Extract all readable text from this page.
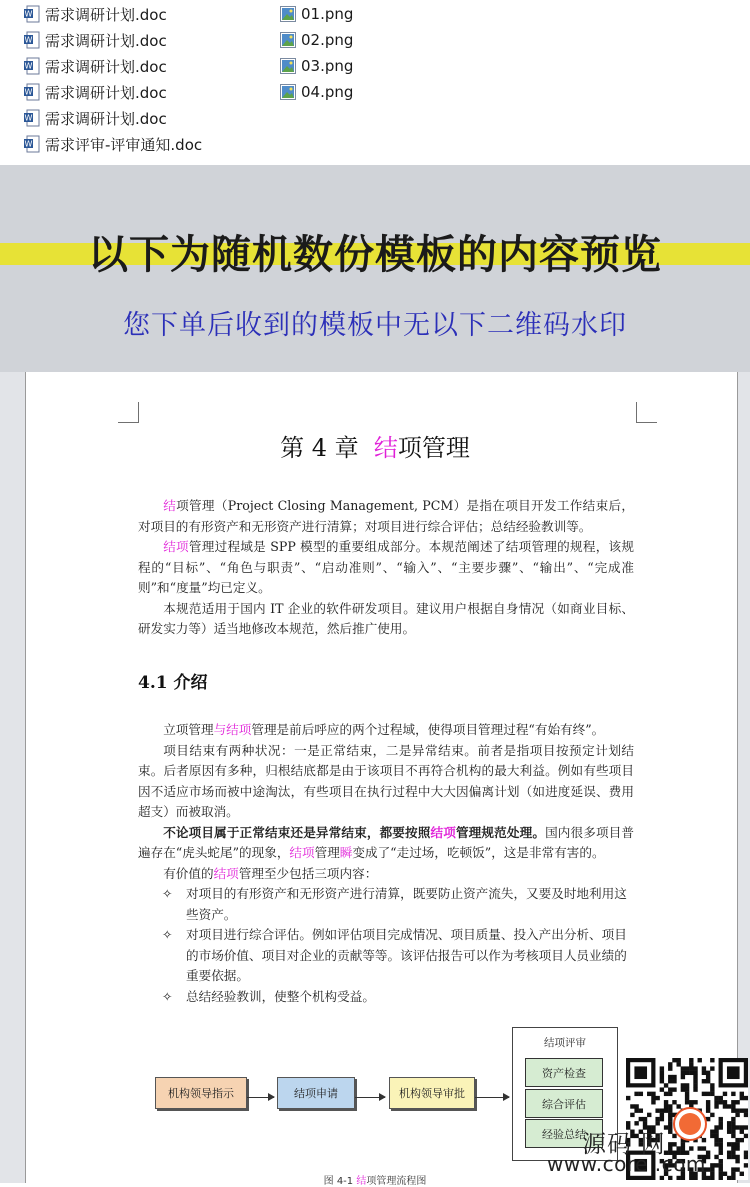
W 需求调研计划.doc
W 需求调研计划.doc
W 需求调研计划.doc
W 需求调研计划.doc
W 需求调研计划.doc
W 需求评审-评审通知.doc
01.png
02.png
03.png
04.png
以下为随机数份模板的内容预览
您下单后收到的模板中无以下二维码水印
第 4 章 结项管理

结项管理（Project Closing Management, PCM）是指在项目开发工作结束后，对项目的有形资产和无形资产进行清算；对项目进行综合评估；总结经验教训等。

结项管理过程域是 SPP 模型的重要组成部分。本规范阐述了结项管理的规程，该规程的“目标”、“角色与职责”、“启动准则”、“输入”、“主要步骤”、“输出”、“完成准则”和“度量”均已定义。

本规范适用于国内 IT 企业的软件研发项目。建议用户根据自身情况（如商业目标、研发实力等）适当地修改本规范，然后推广使用。

4.1 介绍

立项管理与结项管理是前后呼应的两个过程域，使得项目管理过程“有始有终”。

项目结束有两种状况：一是正常结束，二是异常结束。前者是指项目按预定计划结束。后者原因有多种，归根结底都是由于该项目不再符合机构的最大利益。例如有些项目因不适应市场而被中途淘汰，有些项目在执行过程中大大因偏离计划（如进度延误、费用超支）而被取消。

不论项目属于正常结束还是异常结束，都要按照结项管理规范处理。国内很多项目普遍存在“虎头蛇尾”的现象，结项管理瞬变成了“走过场，吃顿饭”，这是非常有害的。

有价值的结项管理至少包括三项内容：

✧ 对项目的有形资产和无形资产进行清算，既要防止资产流失，又要及时地利用这些资产。
✧ 对项目进行综合评估。例如评估项目完成情况、项目质量、投入产出分析、项目的市场价值、项目对企业的贡献等等。该评估报告可以作为考核项目人员业绩的重要依据。
✧ 总结经验教训，使整个机构受益。
机构领导指示	结项申请	机构领导审批
结项评审
资产检查
综合评估
经验总结
图 4-1 结项管理流程图
源码 网
www.core .com
